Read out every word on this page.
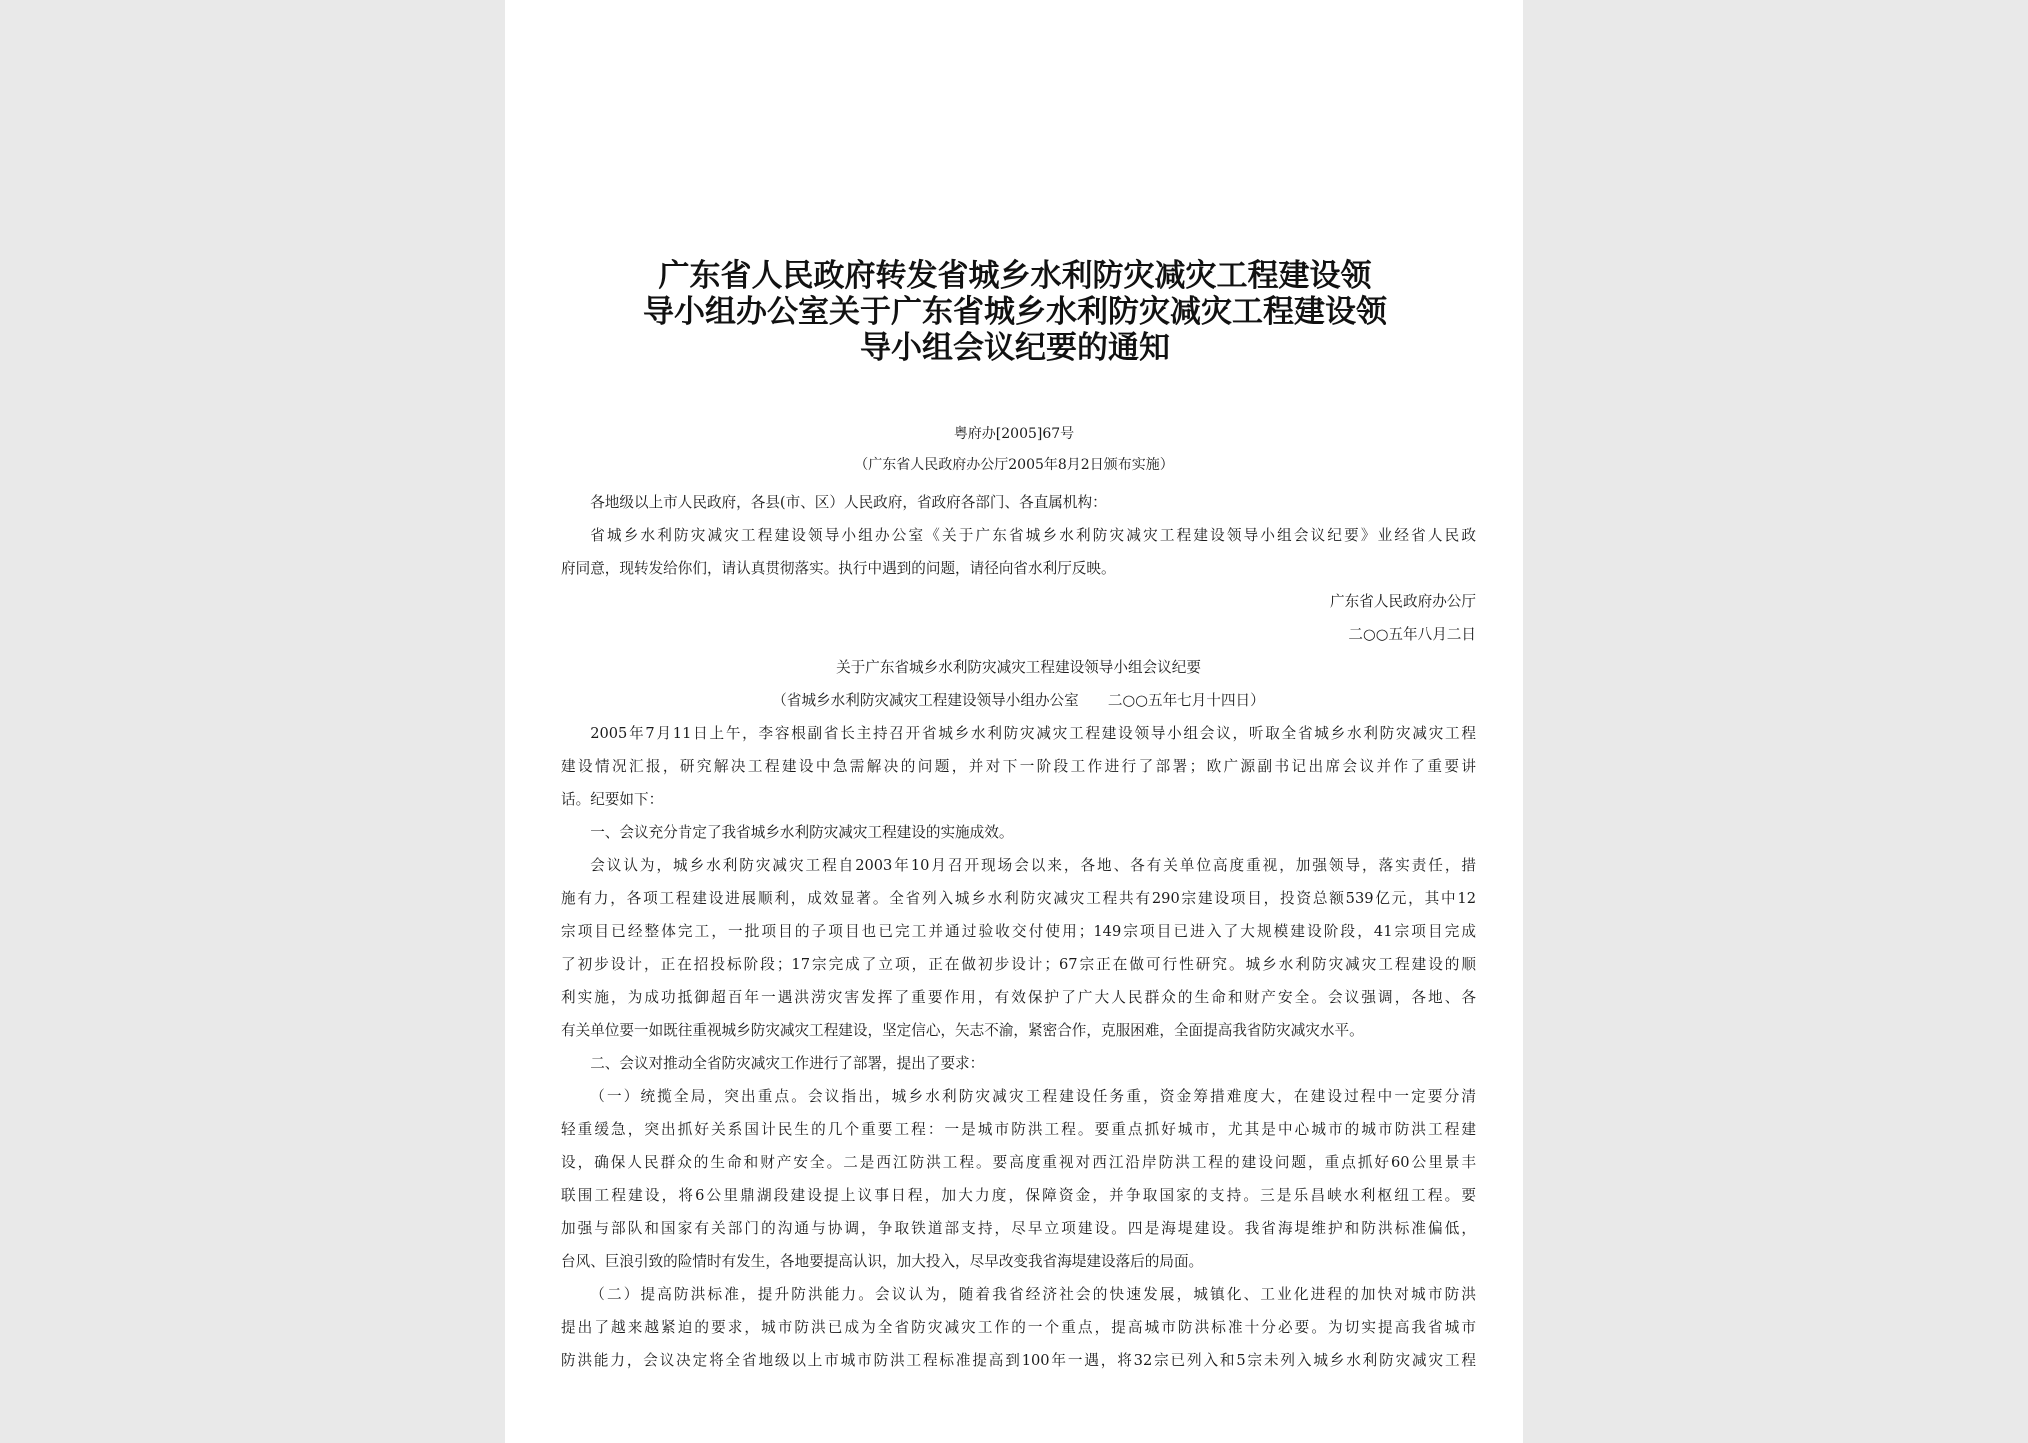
广东省人民政府转发省城乡水利防灾减灾工程建设领
导小组办公室关于广东省城乡水利防灾减灾工程建设领
导小组会议纪要的通知
粤府办[2005]67号
（广东省人民政府办公厅2005年8月2日颁布实施）

各地级以上市人民政府，各县(市、区）人民政府，省政府各部门、各直属机构：

省城乡水利防灾减灾工程建设领导小组办公室《关于广东省城乡水利防灾减灾工程建设领导小组会议纪要》业经省人民政
府同意，现转发给你们，请认真贯彻落实。执行中遇到的问题，请径向省水利厅反映。

广东省人民政府办公厅

二○○五年八月二日

关于广东省城乡水利防灾减灾工程建设领导小组会议纪要

（省城乡水利防灾减灾工程建设领导小组办公室　　二○○五年七月十四日）

2005年7月11日上午，李容根副省长主持召开省城乡水利防灾减灾工程建设领导小组会议，听取全省城乡水利防灾减灾工程
建设情况汇报，研究解决工程建设中急需解决的问题，并对下一阶段工作进行了部署；欧广源副书记出席会议并作了重要讲
话。纪要如下：

一、会议充分肯定了我省城乡水利防灾减灾工程建设的实施成效。

会议认为，城乡水利防灾减灾工程自2003年10月召开现场会以来，各地、各有关单位高度重视，加强领导，落实责任，措
施有力，各项工程建设进展顺利，成效显著。全省列入城乡水利防灾减灾工程共有290宗建设项目，投资总额539亿元，其中12
宗项目已经整体完工，一批项目的子项目也已完工并通过验收交付使用；149宗项目已进入了大规模建设阶段，41宗项目完成
了初步设计，正在招投标阶段；17宗完成了立项，正在做初步设计；67宗正在做可行性研究。城乡水利防灾减灾工程建设的顺
利实施，为成功抵御超百年一遇洪涝灾害发挥了重要作用，有效保护了广大人民群众的生命和财产安全。会议强调，各地、各
有关单位要一如既往重视城乡防灾减灾工程建设，坚定信心，矢志不渝，紧密合作，克服困难，全面提高我省防灾减灾水平。

二、会议对推动全省防灾减灾工作进行了部署，提出了要求：

（一）统揽全局，突出重点。会议指出，城乡水利防灾减灾工程建设任务重，资金筹措难度大，在建设过程中一定要分清
轻重缓急，突出抓好关系国计民生的几个重要工程：一是城市防洪工程。要重点抓好城市，尤其是中心城市的城市防洪工程建
设，确保人民群众的生命和财产安全。二是西江防洪工程。要高度重视对西江沿岸防洪工程的建设问题，重点抓好60公里景丰
联围工程建设，将6公里鼎湖段建设提上议事日程，加大力度，保障资金，并争取国家的支持。三是乐昌峡水利枢纽工程。要
加强与部队和国家有关部门的沟通与协调，争取铁道部支持，尽早立项建设。四是海堤建设。我省海堤维护和防洪标准偏低，
台风、巨浪引致的险情时有发生，各地要提高认识，加大投入，尽早改变我省海堤建设落后的局面。
（二）提高防洪标准，提升防洪能力。会议认为，随着我省经济社会的快速发展，城镇化、工业化进程的加快对城市防洪
提出了越来越紧迫的要求，城市防洪已成为全省防灾减灾工作的一个重点，提高城市防洪标准十分必要。为切实提高我省城市
防洪能力，会议决定将全省地级以上市城市防洪工程标准提高到100年一遇，将32宗已列入和5宗未列入城乡水利防灾减灾工程
